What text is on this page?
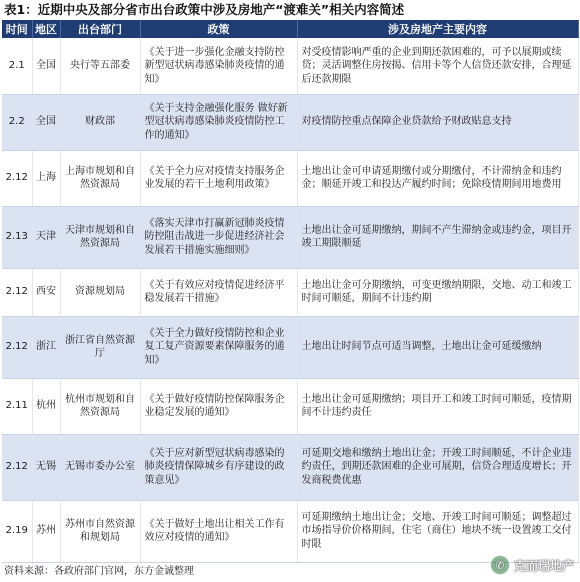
表1：近期中央及部分省市出台政策中涉及房地产“渡难关”相关内容简述
时间	地区	出台部门	政策	涉及房地产主要内容
2.1	全国	央行等五部委	《关于进一步强化金融支持防控新型冠状病毒感染肺炎疫情的通知》	对受疫情影响严重的企业到期还款困难的，可予以展期或续贷；灵活调整住房按揭、信用卡等个人信贷还款安排，合理延后还款期限
2.2	全国	财政部	《关于支持金融强化服务 做好新型冠状病毒感染肺炎疫情防控工作的通知》	对疫情防控重点保障企业贷款给予财政贴息支持
2.12	上海	上海市规划和自然资源局	《关于全力应对疫情支持服务企业发展的若干土地利用政策》	土地出让金可申请延期缴付或分期缴付，不计滞纳金和违约金；顺延开竣工和投达产履约时间；免除疫情期间用地费用
2.13	天津	天津市规划和自然资源局	《落实天津市打赢新冠肺炎疫情防控阻击战进一步促进经济社会发展若干措施实施细则》	土地出让金可延期缴纳，期间不产生滞纳金或违约金，项目开竣工期限顺延
2.12	西安	资源规划局	《关于有效应对疫情促进经济平稳发展若干措施》	土地出让金可分期缴纳，可变更缴纳期限，交地、动工和竣工时间可顺延，期间不计违约期
2.12	浙江	浙江省自然资源厅	《关于全力做好疫情防控和企业复工复产资源要素保障服务的通知》	土地出让时间节点可适当调整，土地出让金可延缓缴纳
2.11	杭州	杭州市规划和自然资源局	《关于做好疫情防控保障服务企业稳定发展的通知》	土地出让金可延期缴纳；项目开工和竣工时间可顺延，疫情期间不计违约责任
2.12	无锡	无锡市委办公室	《关于应对新型冠状病毒感染的肺炎疫情保障城乡有序建设的政策意见》	可延期交地和缴纳土地出让金；开竣工时间顺延，不计企业违约责任，到期还款困难的企业可展期，信贷合理适度增长；开发商税费优惠
2.19	苏州	苏州市自然资源和规划局	《关于做好土地出让相关工作有效应对疫情的通知》	可延期缴纳土地出让金；交地、开竣工时间可顺延；调整超过市场指导价价格期间，住宅（商住）地块不统一设置竣工交付时限
资料来源：各政府部门官网，东方金诚整理	✆ 克而瑞地产
